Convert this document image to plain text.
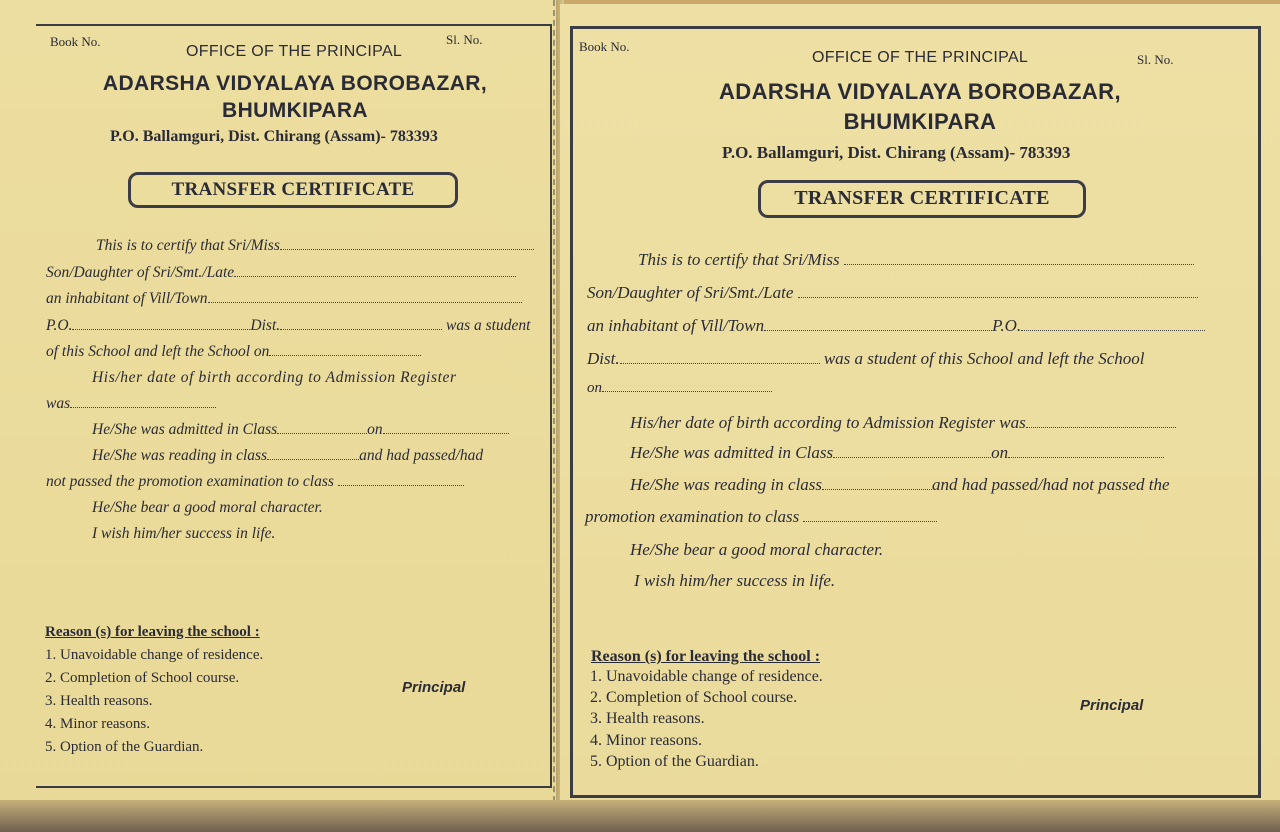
Book No.
OFFICE OF THE PRINCIPAL
Sl. No.
ADARSHA VIDYALAYA BOROBAZAR,
BHUMKIPARA
P.O. Ballamguri, Dist. Chirang (Assam)- 783393
TRANSFER CERTIFICATE
This is to certify that Sri/Miss
Son/Daughter of Sri/Smt./Late
an inhabitant of Vill/Town
P.O.	Dist.	was a student
of this School and left the School on
His/her date of birth according to Admission Register
was
He/She was admitted in Class	on
He/She was reading in class	and had passed/had
not passed the promotion examination to class
He/She bear a good moral character.
I wish him/her success in life.
Reason (s) for leaving the school :
1. Unavoidable change of residence.
2. Completion of School course.
3. Health reasons.
4. Minor reasons.
5. Option of the Guardian.
Principal
Book No.
OFFICE OF THE PRINCIPAL	Sl. No.
ADARSHA VIDYALAYA BOROBAZAR,
BHUMKIPARA
P.O. Ballamguri, Dist. Chirang (Assam)- 783393
TRANSFER CERTIFICATE
This is to certify that Sri/Miss
Son/Daughter of Sri/Smt./Late
an inhabitant of Vill/Town	P.O.
Dist.	was a student of this School and left the School
on
His/her date of birth according to Admission Register was
He/She was admitted in Class	on
He/She was reading in class	and had passed/had not passed the
promotion examination to class
He/She bear a good moral character.
I wish him/her success in life.
Reason (s) for leaving the school :
1. Unavoidable change of residence.
2. Completion of School course.
3. Health reasons.
4. Minor reasons.
5. Option of the Guardian.
Principal
